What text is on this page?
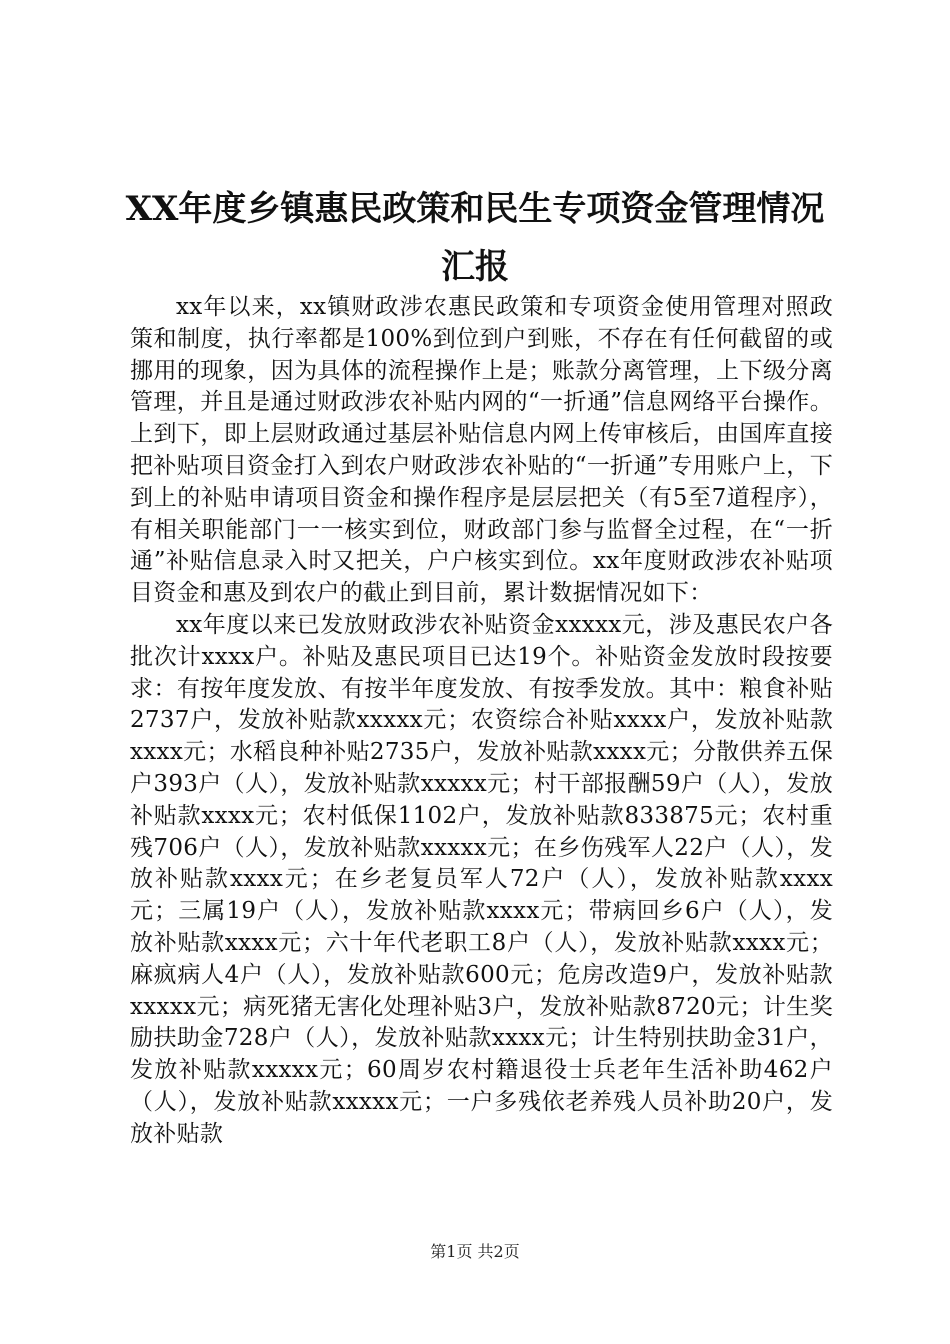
XX年度乡镇惠民政策和民生专项资金管理情况汇报

xx年以来，xx镇财政涉农惠民政策和专项资金使用管理对照政策和制度，执行率都是100%到位到户到账，不存在有任何截留的或挪用的现象，因为具体的流程操作上是；账款分离管理，上下级分离管理，并且是通过财政涉农补贴内网的“一折通”信息网络平台操作。上到下，即上层财政通过基层补贴信息内网上传审核后，由国库直接把补贴项目资金打入到农户财政涉农补贴的“一折通”专用账户上，下到上的补贴申请项目资金和操作程序是层层把关（有5至7道程序），有相关职能部门一一核实到位，财政部门参与监督全过程，在“一折通”补贴信息录入时又把关，户户核实到位。xx年度财政涉农补贴项目资金和惠及到农户的截止到目前，累计数据情况如下：

xx年度以来已发放财政涉农补贴资金xxxxx元，涉及惠民农户各批次计xxxx户。补贴及惠民项目已达19个。补贴资金发放时段按要求：有按年度发放、有按半年度发放、有按季发放。其中：粮食补贴2737户，发放补贴款xxxxx元；农资综合补贴xxxx户，发放补贴款xxxx元；水稻良种补贴2735户，发放补贴款xxxx元；分散供养五保户393户（人），发放补贴款xxxxx元；村干部报酬59户（人），发放补贴款xxxx元；农村低保1102户，发放补贴款833875元；农村重残706户（人），发放补贴款xxxxx元；在乡伤残军人22户（人），发放补贴款xxxx元；在乡老复员军人72户（人），发放补贴款xxxx元；三属19户（人），发放补贴款xxxx元；带病回乡6户（人），发放补贴款xxxx元；六十年代老职工8户（人），发放补贴款xxxx元；麻疯病人4户（人），发放补贴款600元；危房改造9户，发放补贴款xxxxx元；病死猪无害化处理补贴3户，发放补贴款8720元；计生奖励扶助金728户（人），发放补贴款xxxx元；计生特别扶助金31户，发放补贴款xxxxx元；60周岁农村籍退役士兵老年生活补助462户（人），发放补贴款xxxxx元；一户多残依老养残人员补助20户，发放补贴款

第1页 共2页
